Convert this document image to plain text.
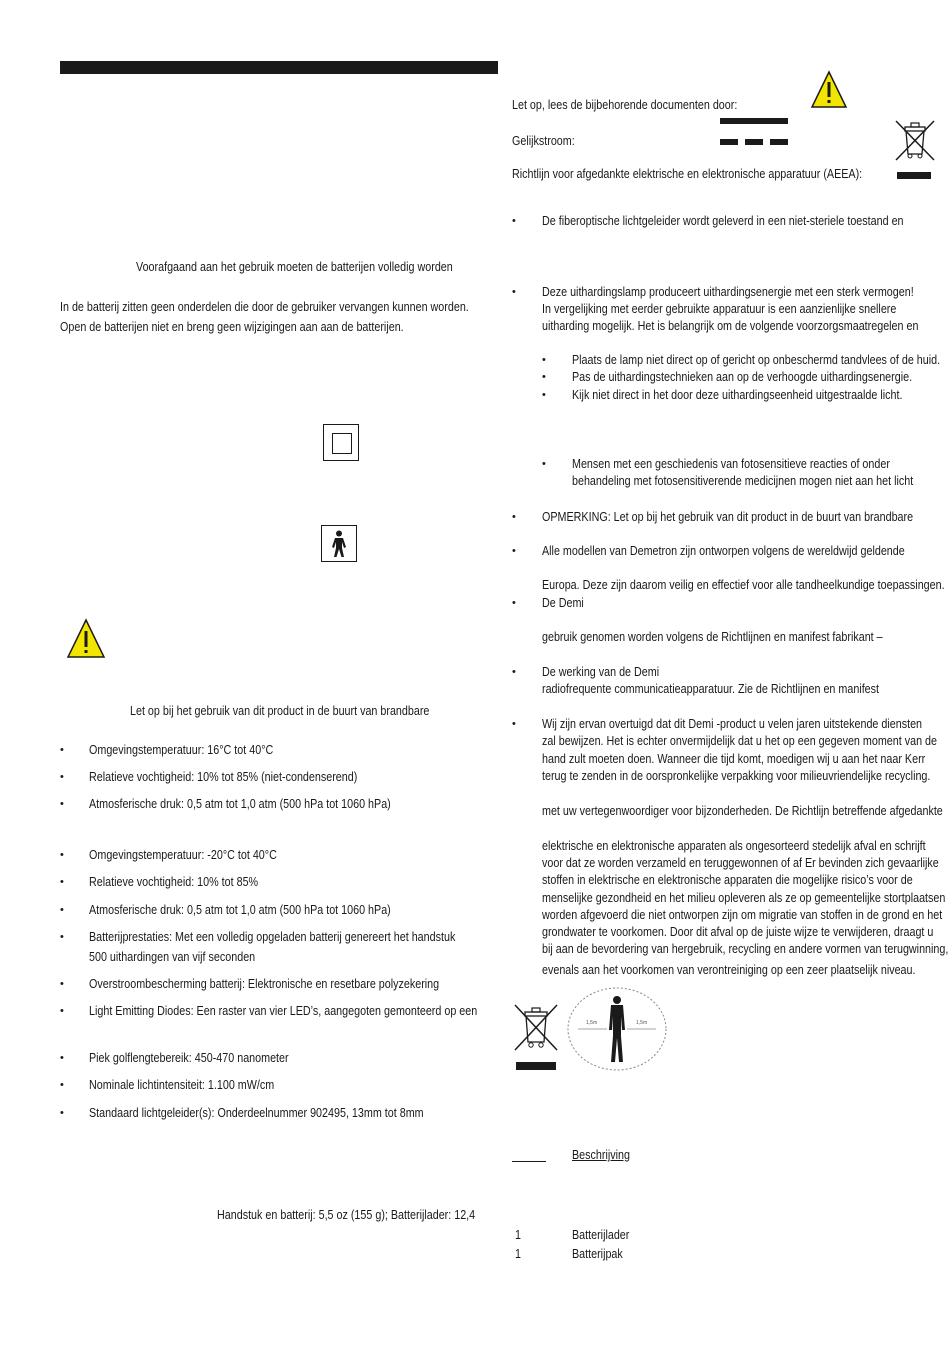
Voorafgaand aan het gebruik moeten de batterijen volledig worden
In de batterij zitten geen onderdelen die door de gebruiker vervangen kunnen worden.
Open de batterijen niet en breng geen wijzigingen aan aan de batterijen.
Let op bij het gebruik van dit product in de buurt van brandbare
•
Omgevingstemperatuur: 16°C tot 40°C
•
Relatieve vochtigheid: 10% tot 85% (niet-condenserend)
•
Atmosferische druk: 0,5 atm tot 1,0 atm (500 hPa tot 1060 hPa)
•
Omgevingstemperatuur: -20°C tot 40°C
•
Relatieve vochtigheid: 10% tot 85%
•
Atmosferische druk: 0,5 atm tot 1,0 atm (500 hPa tot 1060 hPa)
•
Batterijprestaties: Met een volledig opgeladen batterij genereert het handstuk
500 uithardingen van vijf seconden
•
Overstroombescherming batterij: Elektronische en resetbare polyzekering
•
Light Emitting Diodes: Een raster van vier LED’s, aangegoten gemonteerd op een
•
Piek golflengtebereik: 450-470 nanometer
•
Nominale lichtintensiteit: 1.100 mW/cm
•
Standaard lichtgeleider(s): Onderdeelnummer 902495, 13mm tot 8mm
Handstuk en batterij: 5,5 oz (155 g); Batterijlader: 12,4
Let op, lees de bijbehorende documenten door:
Gelijkstroom:
Richtlijn voor afgedankte elektrische en elektronische apparatuur (AEEA):
•
De fiberoptische lichtgeleider wordt geleverd in een niet-steriele toestand en
•
Deze uithardingslamp produceert uithardingsenergie met een sterk vermogen!
In vergelijking met eerder gebruikte apparatuur is een aanzienlijke snellere
uitharding mogelijk. Het is belangrijk om de volgende voorzorgsmaatregelen en
•
Plaats de lamp niet direct op of gericht op onbeschermd tandvlees of de huid.
•
Pas de uithardingstechnieken aan op de verhoogde uithardingsenergie.
•
Kijk niet direct in het door deze uithardingseenheid uitgestraalde licht.
•
Mensen met een geschiedenis van fotosensitieve reacties of onder
behandeling met fotosensitiverende medicijnen mogen niet aan het licht
•
OPMERKING: Let op bij het gebruik van dit product in de buurt van brandbare
•
Alle modellen van Demetron zijn ontworpen volgens de wereldwijd geldende
Europa. Deze zijn daarom veilig en effectief voor alle tandheelkundige toepassingen.
•
De Demi
gebruik genomen worden volgens de Richtlijnen en manifest fabrikant –
•
De werking van de Demi
radiofrequente communicatieapparatuur. Zie de Richtlijnen en manifest
•
Wij zijn ervan overtuigd dat dit Demi -product u velen jaren uitstekende diensten
zal bewijzen. Het is echter onvermijdelijk dat u het op een gegeven moment van de
hand zult moeten doen. Wanneer die tijd komt, moedigen wij u aan het naar Kerr
terug te zenden in de oorspronkelijke verpakking voor milieuvriendelijke recycling.
met uw vertegenwoordiger voor bijzonderheden. De Richtlijn betreffende afgedankte
elektrische en elektronische apparaten als ongesorteerd stedelijk afval en schrijft
voor dat ze worden verzameld en teruggewonnen of af Er bevinden zich gevaarlijke
stoffen in elektrische en elektronische apparaten die mogelijke risico’s voor de
menselijke gezondheid en het milieu opleveren als ze op gemeentelijke stortplaatsen
worden afgevoerd die niet ontworpen zijn om migratie van stoffen in de grond en het
grondwater te voorkomen. Door dit afval op de juiste wijze te verwijderen, draagt u
bij aan de bevordering van hergebruik, recycling en andere vormen van terugwinning,
evenals aan het voorkomen van verontreiniging op een zeer plaatselijk niveau.
1,5m	1,5m
Beschrijving
1	Batterijlader
1	Batterijpak
